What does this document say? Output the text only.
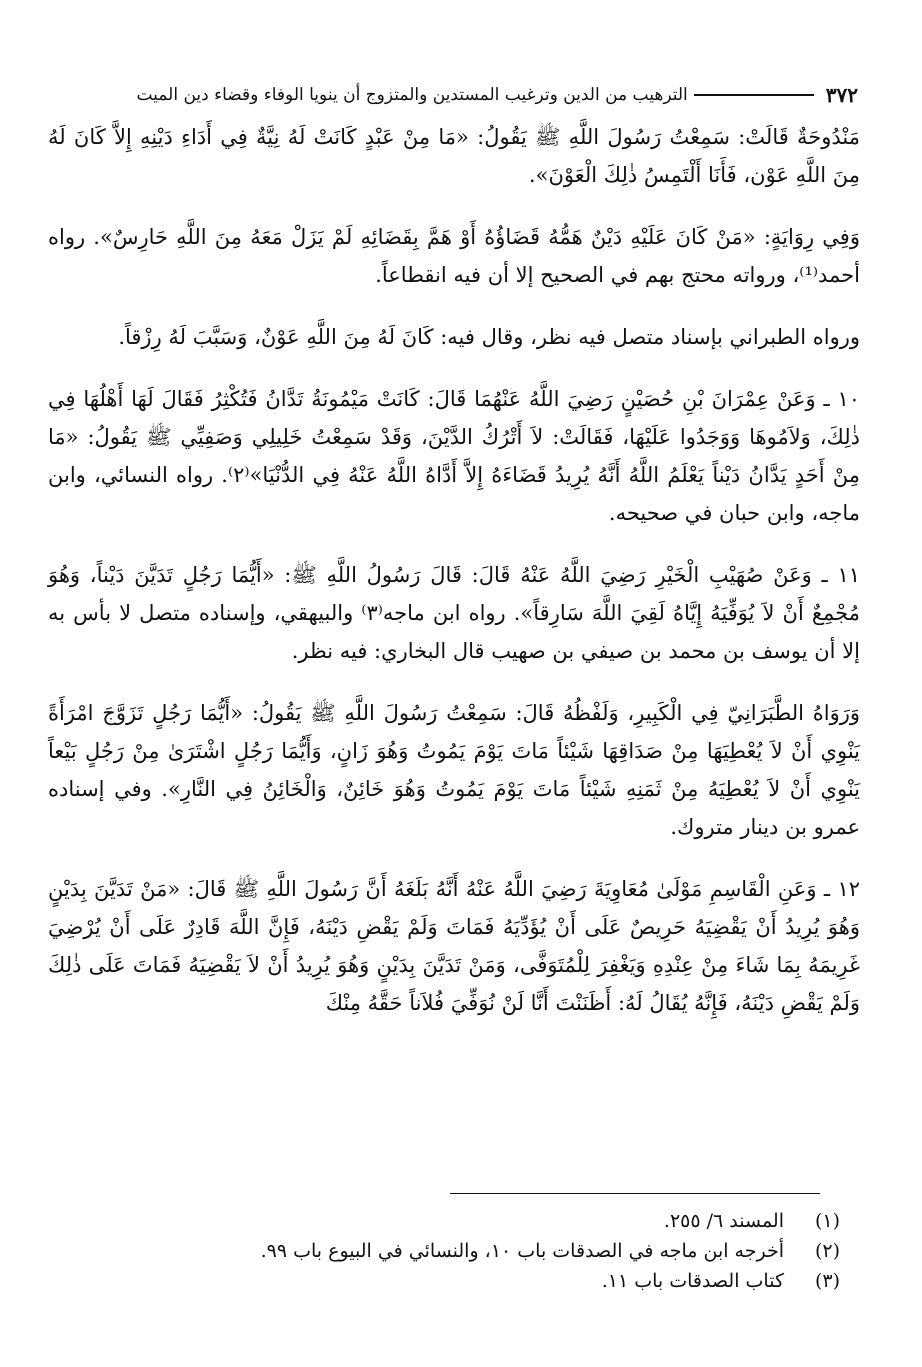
٣٧٢
الترهيب من الدين وترغيب المستدين والمتزوج أن ينويا الوفاء وقضاء دين الميت

مَنْدُوحَةٌ قَالَتْ: سَمِعْتُ رَسُولَ اللَّهِ ﷺ يَقُولُ: «مَا مِنْ عَبْدٍ كَانَتْ لَهُ نِيَّةٌ فِي أَدَاءِ دَيْنِهِ إِلاَّ كَانَ لَهُ مِنَ اللَّهِ عَوْن، فَأَنَا أَلْتَمِسُ ذٰلِكَ الْعَوْنَ».

وَفِي رِوَايَةٍ: «مَنْ كَانَ عَلَيْهِ دَيْنٌ هَمُّهُ قَضَاؤُهُ أَوْ هَمَّ بِقَضَائِهِ لَمْ يَزَلْ مَعَهُ مِنَ اللَّهِ حَارِسٌ». رواه أحمد⁽¹⁾، ورواته محتج بهم في الصحيح إلا أن فيه انقطاعاً.

ورواه الطبراني بإسناد متصل فيه نظر، وقال فيه: كَانَ لَهُ مِنَ اللَّهِ عَوْنٌ، وَسَبَّبَ لَهُ رِزْقاً.

١٠ ـ وَعَنْ عِمْرَانَ بْنِ حُصَيْنٍ رَضِيَ اللَّهُ عَنْهُمَا قَالَ: كَانَتْ مَيْمُونَةُ تَدَّانُ فَتُكْثِرُ فَقَالَ لَهَا أَهْلُهَا فِي ذٰلِكَ، وَلاَمُوهَا وَوَجَدُوا عَلَيْهَا، فَقَالَتْ: لاَ أَتْرُكُ الدَّيْنَ، وَقَدْ سَمِعْتُ خَلِيلِي وَصَفِيِّي ﷺ يَقُولُ: «مَا مِنْ أَحَدٍ يَدَّانُ دَيْناً يَعْلَمُ اللَّهُ أَنَّهُ يُرِيدُ قَضَاءَهُ إِلاَّ أَدَّاهُ اللَّهُ عَنْهُ فِي الدُّنْيَا»⁽٢⁾. رواه النسائي، وابن ماجه، وابن حبان في صحيحه.

١١ ـ وَعَنْ صُهَيْبِ الْخَيْرِ رَضِيَ اللَّهُ عَنْهُ قَالَ: قَالَ رَسُولُ اللَّهِ ﷺ: «أَيُّمَا رَجُلٍ تَدَيَّنَ دَيْناً، وَهُوَ مُجْمِعٌ أَنْ لاَ يُوَفِّيَهُ إِيَّاهُ لَقِيَ اللَّهَ سَارِقاً». رواه ابن ماجه⁽٣⁾ والبيهقي، وإسناده متصل لا بأس به إلا أن يوسف بن محمد بن صيفي بن صهيب قال البخاري: فيه نظر.

وَرَوَاهُ الطَّبَرَانِيّ فِي الْكَبِيرِ، وَلَفْظُهُ قَالَ: سَمِعْتُ رَسُولَ اللَّهِ ﷺ يَقُولُ: «أَيُّمَا رَجُلٍ تَزَوَّجَ امْرَأَةً يَنْوِي أَنْ لاَ يُعْطِيَهَا مِنْ صَدَاقِهَا شَيْئاً مَاتَ يَوْمَ يَمُوتُ وَهُوَ زَانٍ، وَأَيُّمَا رَجُلٍ اشْتَرَىٰ مِنْ رَجُلٍ بَيْعاً يَنْوِي أَنْ لاَ يُعْطِيَهُ مِنْ ثَمَنِهِ شَيْئاً مَاتَ يَوْمَ يَمُوتُ وَهُوَ خَائِنٌ، وَالْخَائِنُ فِي النَّارِ». وفي إسناده عمرو بن دينار متروك.

١٢ ـ وَعَنِ الْقَاسِمِ مَوْلَىٰ مُعَاوِيَةَ رَضِيَ اللَّهُ عَنْهُ أَنَّهُ بَلَغَهُ أَنَّ رَسُولَ اللَّهِ ﷺ قَالَ: «مَنْ تَدَيَّنَ بِدَيْنٍ وَهُوَ يُرِيدُ أَنْ يَقْضِيَهُ حَرِيصٌ عَلَى أَنْ يُؤَدِّيَهُ فَمَاتَ وَلَمْ يَقْضِ دَيْنَهُ، فَإِنَّ اللَّهَ قَادِرٌ عَلَى أَنْ يُرْضِيَ غَرِيمَهُ بِمَا شَاءَ مِنْ عِنْدِهِ وَيَغْفِرَ لِلْمُتَوَفَّى، وَمَنْ تَدَيَّنَ بِدَيْنٍ وَهُوَ يُرِيدُ أَنْ لاَ يَقْضِيَهُ فَمَاتَ عَلَى ذٰلِكَ وَلَمْ يَقْضِ دَيْنَهُ، فَإِنَّهُ يُقَالُ لَهُ: أَظَنَنْتَ أَنَّا لَنْ نُوَفِّيَ فُلاَناً حَقَّهُ مِنْكَ

(١)
المسند ٦/ ٢٥٥.
(٢)
أخرجه ابن ماجه في الصدقات باب ١٠، والنسائي في البيوع باب ٩٩.
(٣)
كتاب الصدقات باب ١١.
